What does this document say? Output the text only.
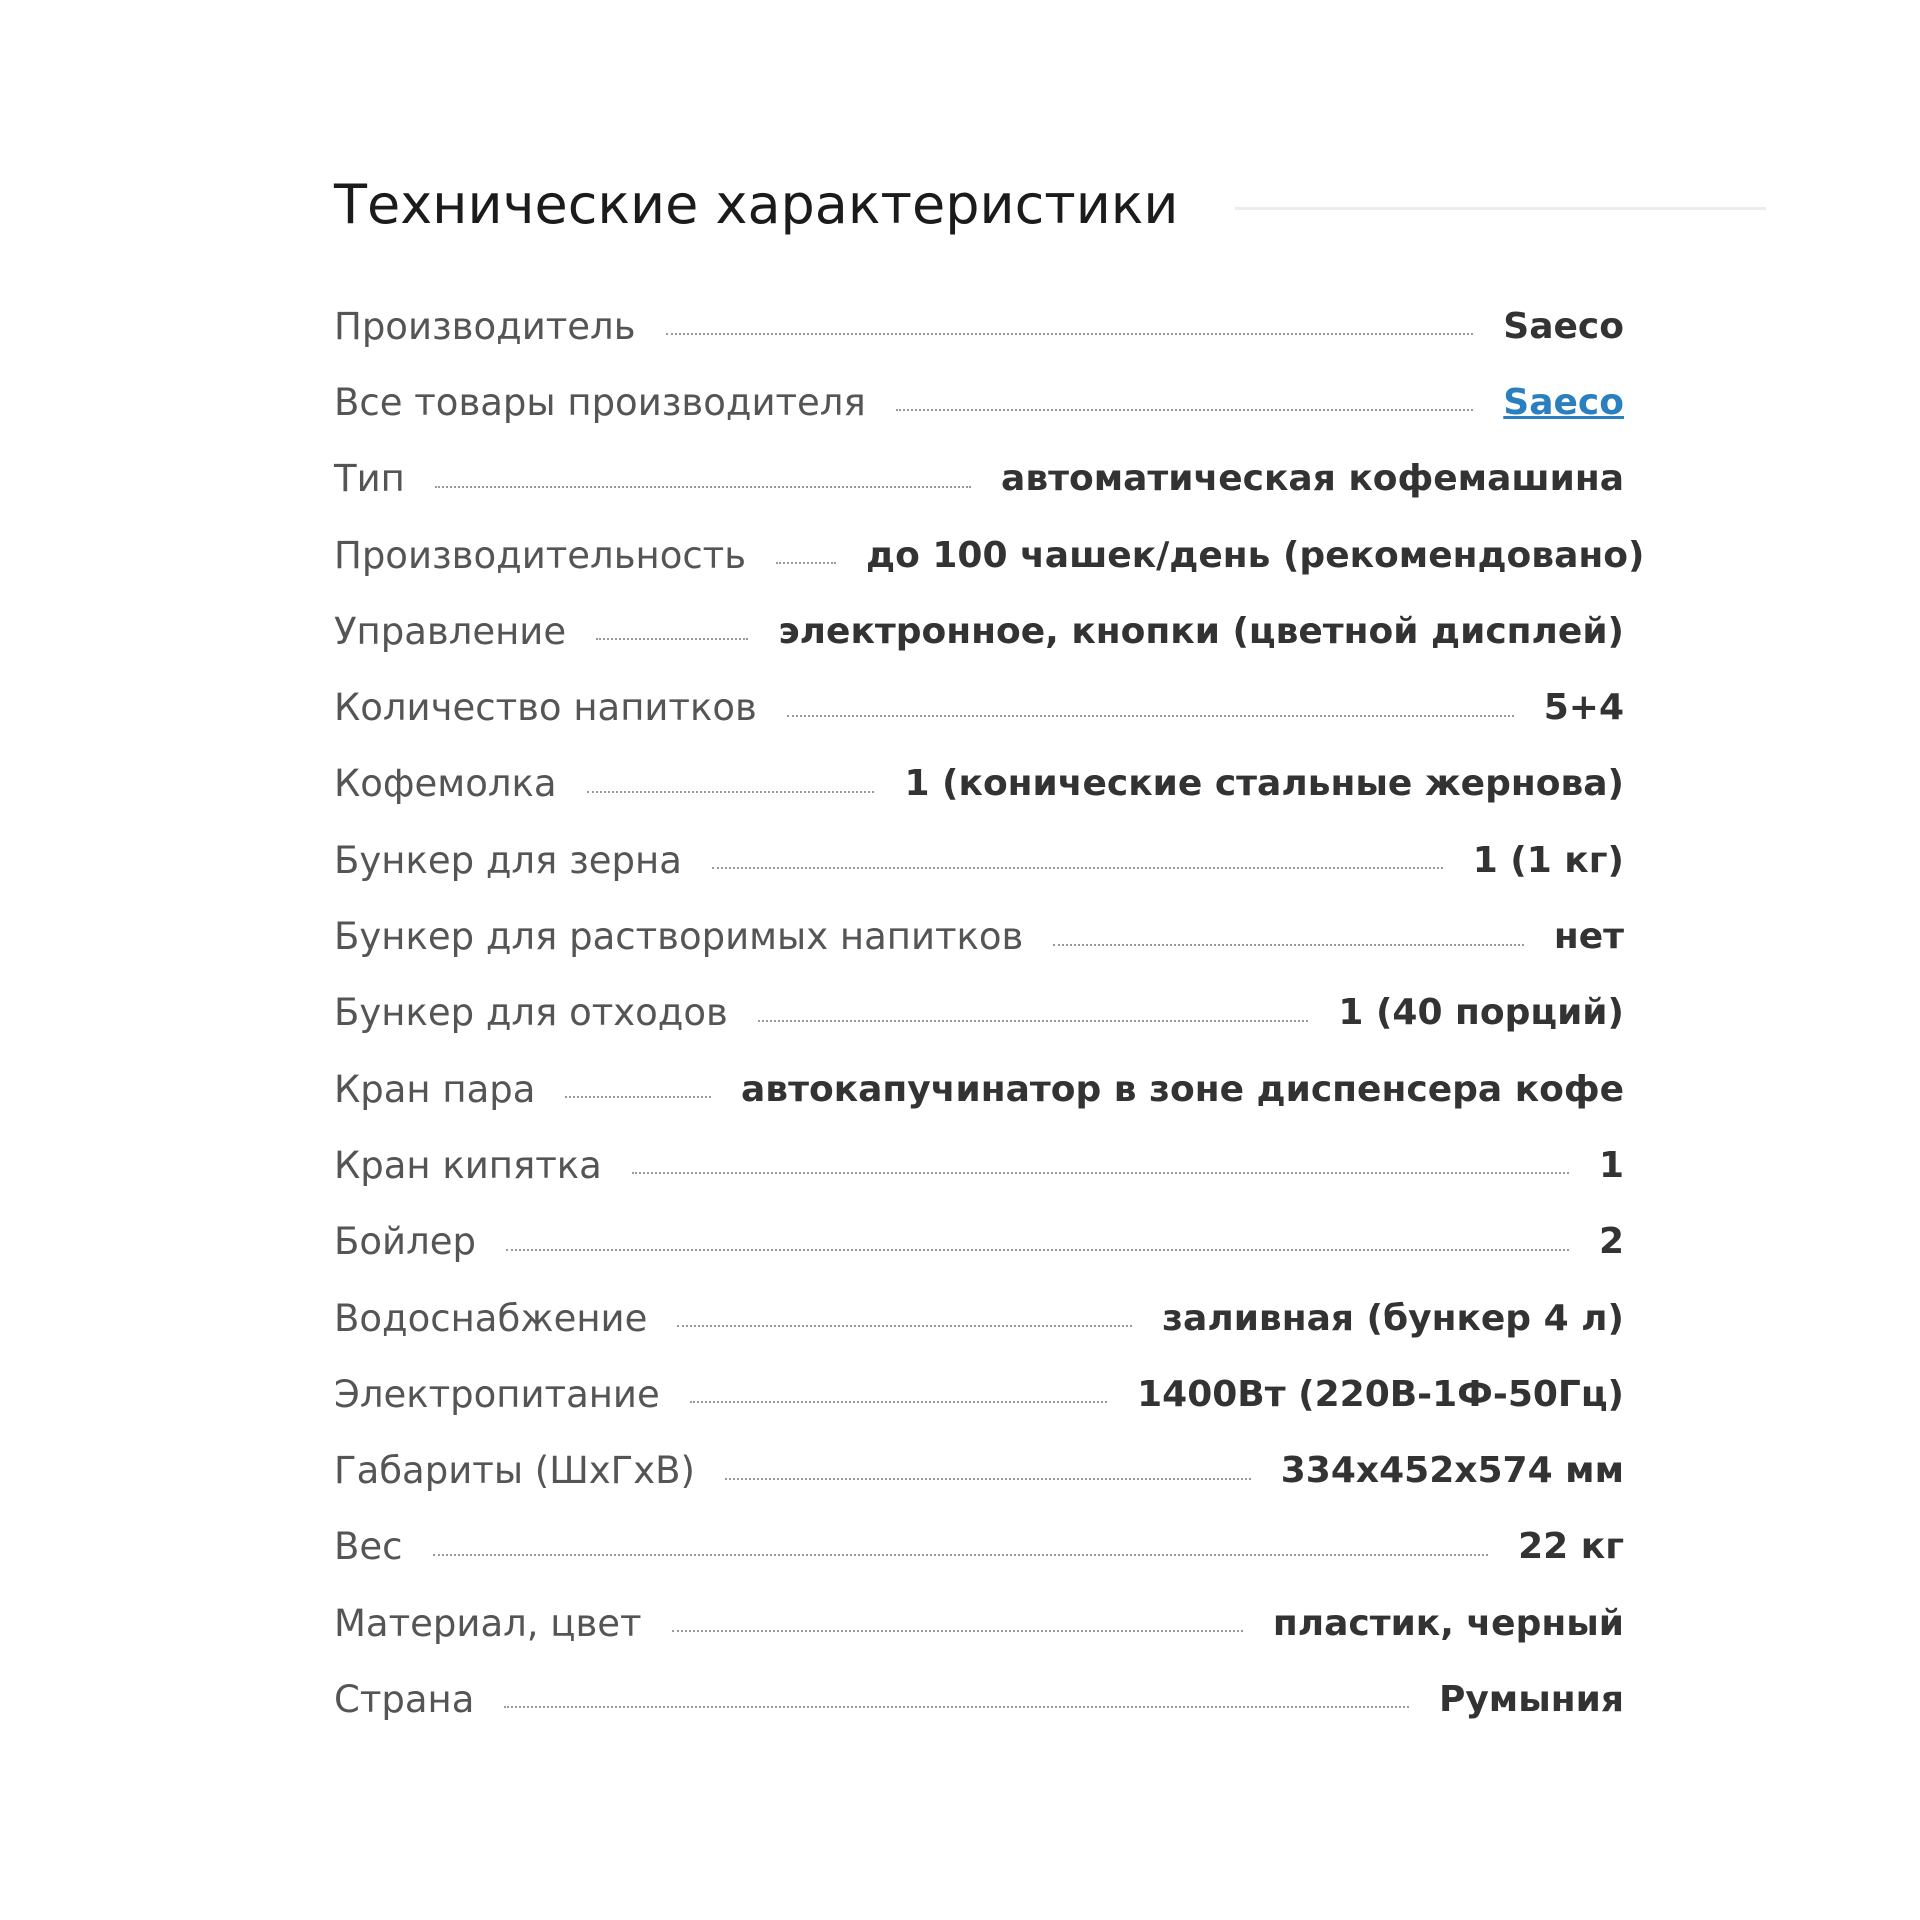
Технические характеристики
Производитель	Saeco
Все товары производителя	Saeco
Тип	автоматическая кофемашина
Производительность	до 100 чашек/день (рекомендовано)
Управление	электронное, кнопки (цветной дисплей)
Количество напитков	5+4
Кофемолка	1 (конические стальные жернова)
Бункер для зерна	1 (1 кг)
Бункер для растворимых напитков	нет
Бункер для отходов	1 (40 порций)
Кран пара	автокапучинатор в зоне диспенсера кофе
Кран кипятка	1
Бойлер	2
Водоснабжение	заливная (бункер 4 л)
Электропитание	1400Вт (220В-1Ф-50Гц)
Габариты (ШхГхВ)	334x452x574 мм
Вес	22 кг
Материал, цвет	пластик, черный
Страна	Румыния
